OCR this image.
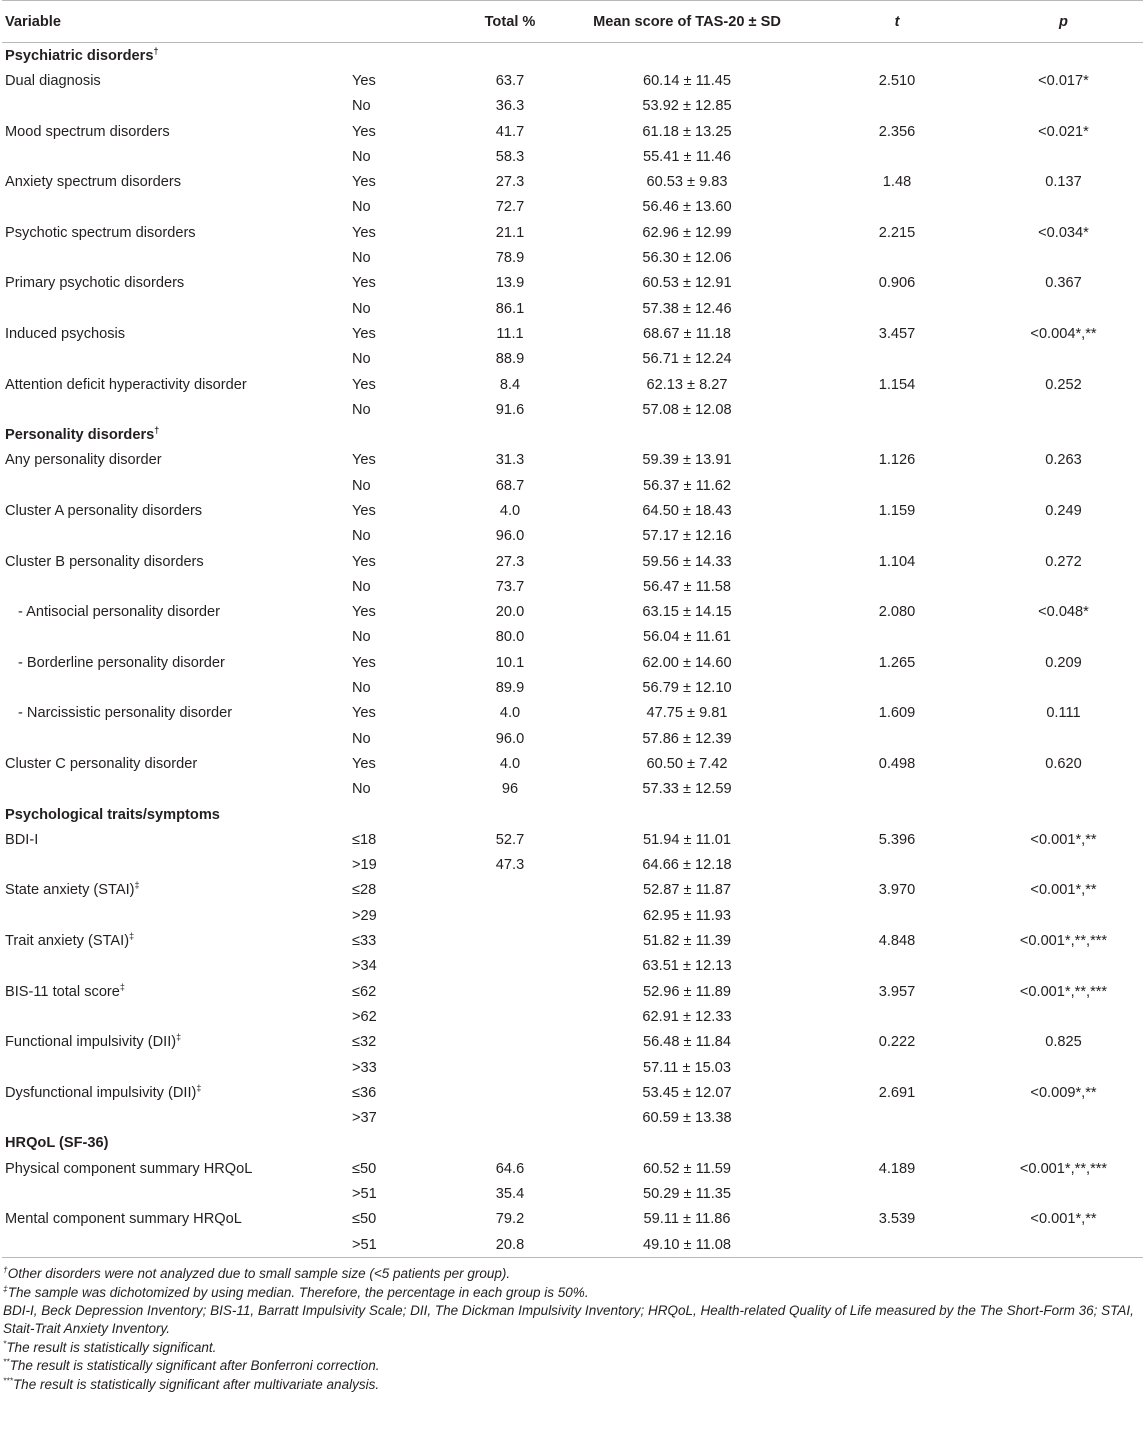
Variable		Total %	Mean score of TAS-20 ± SD	t	p
Psychiatric disorders†
Dual diagnosis	Yes	63.7	60.14 ± 11.45	2.510	<0.017*
	No	36.3	53.92 ± 12.85		
Mood spectrum disorders	Yes	41.7	61.18 ± 13.25	2.356	<0.021*
	No	58.3	55.41 ± 11.46		
Anxiety spectrum disorders	Yes	27.3	60.53 ± 9.83	1.48	0.137
	No	72.7	56.46 ± 13.60		
Psychotic spectrum disorders	Yes	21.1	62.96 ± 12.99	2.215	<0.034*
	No	78.9	56.30 ± 12.06		
Primary psychotic disorders	Yes	13.9	60.53 ± 12.91	0.906	0.367
	No	86.1	57.38 ± 12.46		
Induced psychosis	Yes	11.1	68.67 ± 11.18	3.457	<0.004*,**
	No	88.9	56.71 ± 12.24		
Attention deficit hyperactivity disorder	Yes	8.4	62.13 ± 8.27	1.154	0.252
	No	91.6	57.08 ± 12.08		
Personality disorders†
Any personality disorder	Yes	31.3	59.39 ± 13.91	1.126	0.263
	No	68.7	56.37 ± 11.62		
Cluster A personality disorders	Yes	4.0	64.50 ± 18.43	1.159	0.249
	No	96.0	57.17 ± 12.16		
Cluster B personality disorders	Yes	27.3	59.56 ± 14.33	1.104	0.272
	No	73.7	56.47 ± 11.58		
- Antisocial personality disorder	Yes	20.0	63.15 ± 14.15	2.080	<0.048*
	No	80.0	56.04 ± 11.61		
- Borderline personality disorder	Yes	10.1	62.00 ± 14.60	1.265	0.209
	No	89.9	56.79 ± 12.10		
- Narcissistic personality disorder	Yes	4.0	47.75 ± 9.81	1.609	0.111
	No	96.0	57.86 ± 12.39		
Cluster C personality disorder	Yes	4.0	60.50 ± 7.42	0.498	0.620
	No	96	57.33 ± 12.59		
Psychological traits/symptoms					
BDI-I	≤18	52.7	51.94 ± 11.01	5.396	<0.001*,**
	>19	47.3	64.66 ± 12.18		
State anxiety (STAI)‡	≤28		52.87 ± 11.87	3.970	<0.001*,**
	>29		62.95 ± 11.93		
Trait anxiety (STAI)‡	≤33		51.82 ± 11.39	4.848	<0.001*,**,***
	>34		63.51 ± 12.13		
BIS-11 total score‡	≤62		52.96 ± 11.89	3.957	<0.001*,**,***
	>62		62.91 ± 12.33		
Functional impulsivity (DII)‡	≤32		56.48 ± 11.84	0.222	0.825
	>33		57.11 ± 15.03		
Dysfunctional impulsivity (DII)‡	≤36		53.45 ± 12.07	2.691	<0.009*,**
	>37		60.59 ± 13.38		
HRQoL (SF-36)					
Physical component summary HRQoL	≤50	64.6	60.52 ± 11.59	4.189	<0.001*,**,***
	>51	35.4	50.29 ± 11.35		
Mental component summary HRQoL	≤50	79.2	59.11 ± 11.86	3.539	<0.001*,**
	>51	20.8	49.10 ± 11.08		
†Other disorders were not analyzed due to small sample size (<5 patients per group).
‡The sample was dichotomized by using median. Therefore, the percentage in each group is 50%.
BDI-I, Beck Depression Inventory; BIS-11, Barratt Impulsivity Scale; DII, The Dickman Impulsivity Inventory; HRQoL, Health-related Quality of Life measured by the The Short-Form 36; STAI, Stait-Trait Anxiety Inventory.
*The result is statistically significant.
**The result is statistically significant after Bonferroni correction.
***The result is statistically significant after multivariate analysis.
